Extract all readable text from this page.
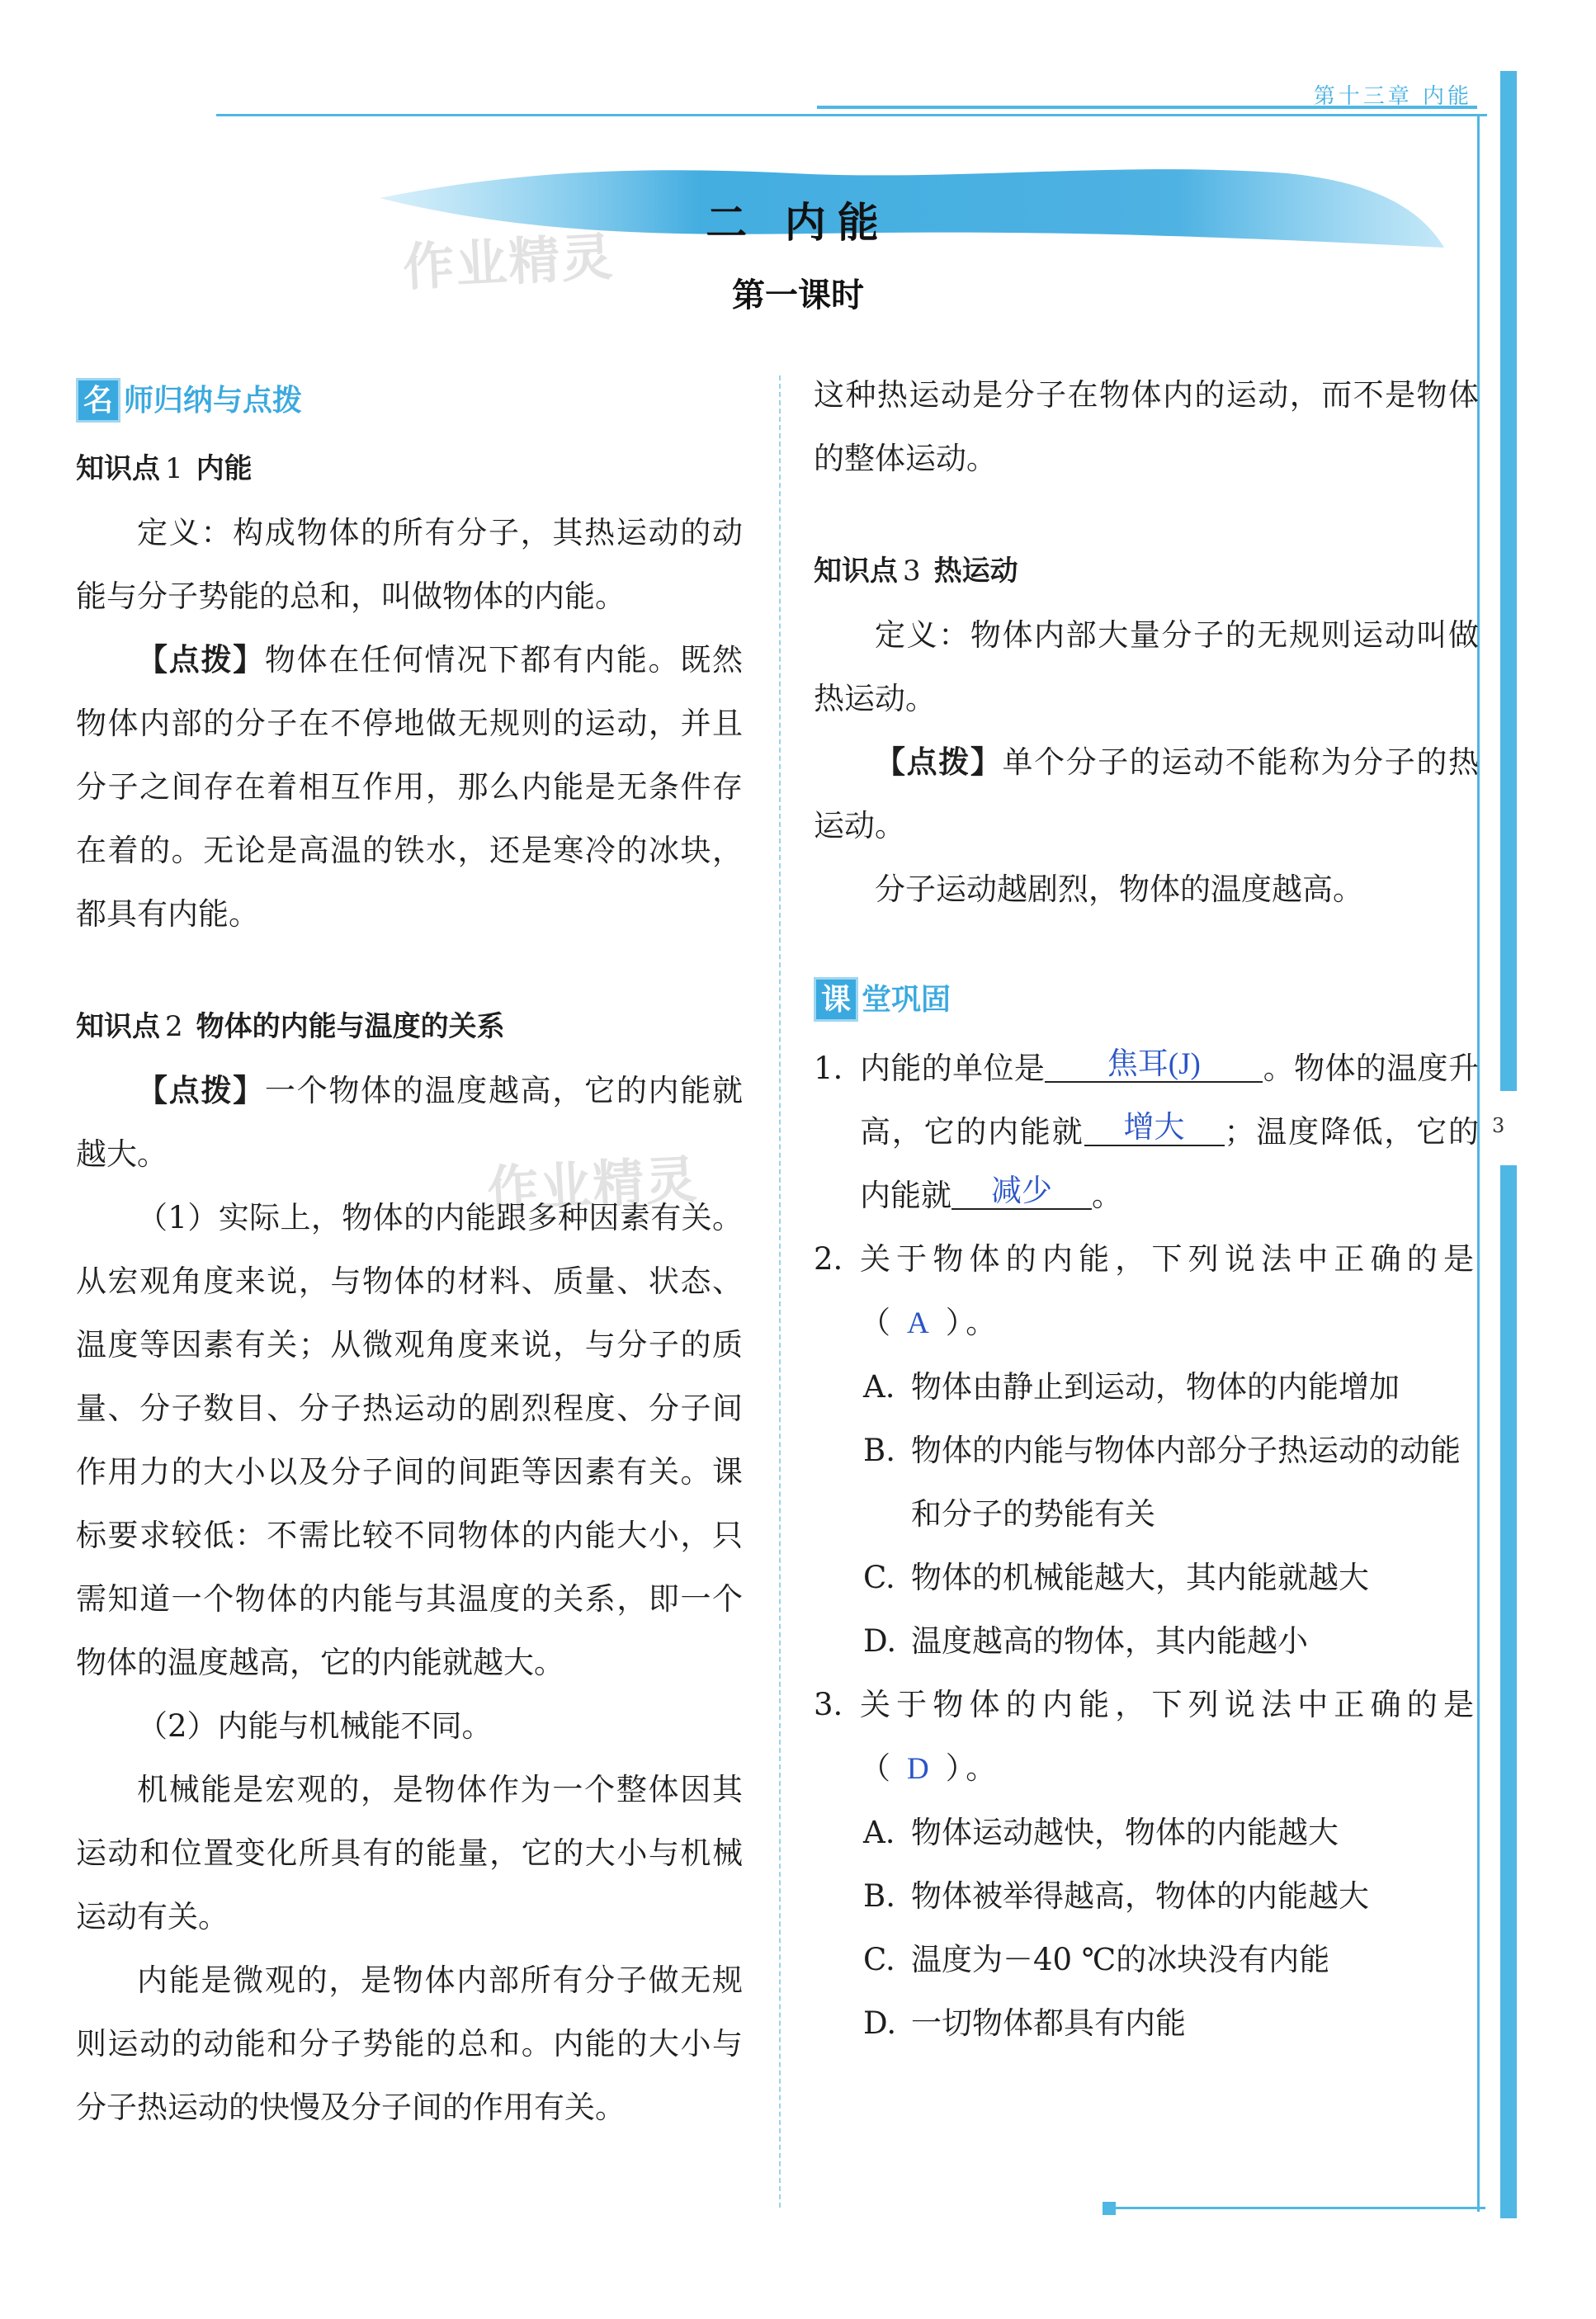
第十三章 内能
3
二 内能
第一课时
作业精灵
作业精灵
名 师归纳与点拨
知识点 1 内能

定义：构成物体的所有分子，其热运动的动能与分子势能的总和，叫做物体的内能。

【点拨】物体在任何情况下都有内能。既然物体内部的分子在不停地做无规则的运动，并且分子之间存在着相互作用，那么内能是无条件存在着的。无论是高温的铁水，还是寒冷的冰块，都具有内能。

知识点 2 物体的内能与温度的关系

【点拨】一个物体的温度越高，它的内能就越大。

（1）实际上，物体的内能跟多种因素有关。从宏观角度来说，与物体的材料、质量、状态、温度等因素有关；从微观角度来说，与分子的质量、分子数目、分子热运动的剧烈程度、分子间作用力的大小以及分子间的间距等因素有关。课标要求较低：不需比较不同物体的内能大小，只需知道一个物体的内能与其温度的关系，即一个物体的温度越高，它的内能就越大。

（2）内能与机械能不同。

机械能是宏观的，是物体作为一个整体因其运动和位置变化所具有的能量，它的大小与机械运动有关。

内能是微观的，是物体内部所有分子做无规则运动的动能和分子势能的总和。内能的大小与分子热运动的快慢及分子间的作用有关。

这种热运动是分子在物体内的运动，而不是物体的整体运动。

知识点 3 热运动

定义：物体内部大量分子的无规则运动叫做热运动。

【点拨】单个分子的运动不能称为分子的热运动。

分子运动越剧烈，物体的温度越高。

课 堂巩固
1. 内能的单位是 焦耳(J) 。物体的温度升高，它的内能就 增大 ；温度降低，它的内能就 减少 。
2. 关于物体的内能，下列说法中正确的是（ A ）。
A. 物体由静止到运动，物体的内能增加
B. 物体的内能与物体内部分子热运动的动能和分子的势能有关
C. 物体的机械能越大，其内能就越大
D. 温度越高的物体，其内能越小
3. 关于物体的内能，下列说法中正确的是（ D ）。
A. 物体运动越快，物体的内能越大
B. 物体被举得越高，物体的内能越大
C. 温度为－40 ℃的冰块没有内能
D. 一切物体都具有内能
